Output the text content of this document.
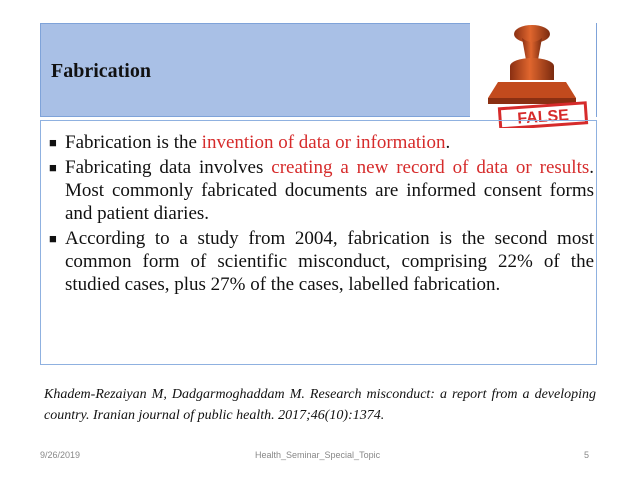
Fabrication
FALSE
■ Fabrication is the invention of data or information.
■ Fabricating data involves creating a new record of data or results. Most commonly fabricated documents are informed consent forms and patient diaries.
■ According to a study from 2004, fabrication is the second most common form of scientific misconduct, comprising 22% of the studied cases, plus 27% of the cases, labelled fabrication.
Khadem-Rezaiyan M, Dadgarmoghaddam M. Research misconduct: a report from a developing country. Iranian journal of public health. 2017;46(10):1374.
9/26/2019	Health_Seminar_Special_Topic	5
